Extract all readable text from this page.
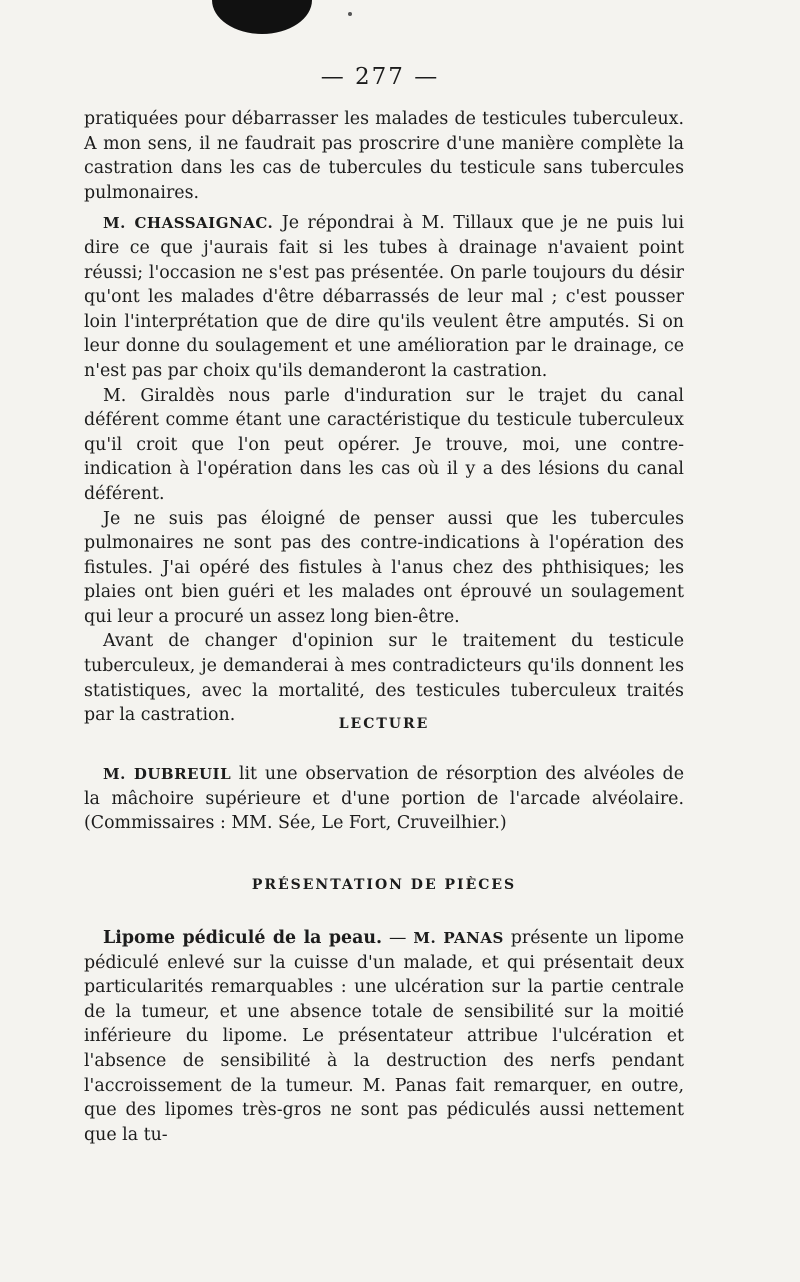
— 277 —

pratiquées pour débarrasser les malades de testicules tuberculeux. A mon sens, il ne faudrait pas proscrire d'une manière complète la castration dans les cas de tubercules du testicule sans tubercules pulmonaires.

M. CHASSAIGNAC. Je répondrai à M. Tillaux que je ne puis lui dire ce que j'aurais fait si les tubes à drainage n'avaient point réussi; l'occasion ne s'est pas présentée. On parle toujours du désir qu'ont les malades d'être débarrassés de leur mal ; c'est pousser loin l'interprétation que de dire qu'ils veulent être amputés. Si on leur donne du soulagement et une amélioration par le drainage, ce n'est pas par choix qu'ils demanderont la castration.

M. Giraldès nous parle d'induration sur le trajet du canal déférent comme étant une caractéristique du testicule tuberculeux qu'il croit que l'on peut opérer. Je trouve, moi, une contre-indication à l'opération dans les cas où il y a des lésions du canal déférent.

Je ne suis pas éloigné de penser aussi que les tubercules pulmonaires ne sont pas des contre-indications à l'opération des fistules. J'ai opéré des fistules à l'anus chez des phthisiques; les plaies ont bien guéri et les malades ont éprouvé un soulagement qui leur a procuré un assez long bien-être.

Avant de changer d'opinion sur le traitement du testicule tuberculeux, je demanderai à mes contradicteurs qu'ils donnent les statistiques, avec la mortalité, des testicules tuberculeux traités par la castration.	LECTURE

M. DUBREUIL lit une observation de résorption des alvéoles de la mâchoire supérieure et d'une portion de l'arcade alvéolaire. (Commissaires : MM. Sée, Le Fort, Cruveilhier.)

PRÉSENTATION DE PIÈCES

Lipome pédiculé de la peau. — M. PANAS présente un lipome pédiculé enlevé sur la cuisse d'un malade, et qui présentait deux particularités remarquables : une ulcération sur la partie centrale de la tumeur, et une absence totale de sensibilité sur la moitié inférieure du lipome. Le présentateur attribue l'ulcération et l'absence de sensibilité à la destruction des nerfs pendant l'accroissement de la tumeur. M. Panas fait remarquer, en outre, que des lipomes très-gros ne sont pas pédiculés aussi nettement que la tu-
